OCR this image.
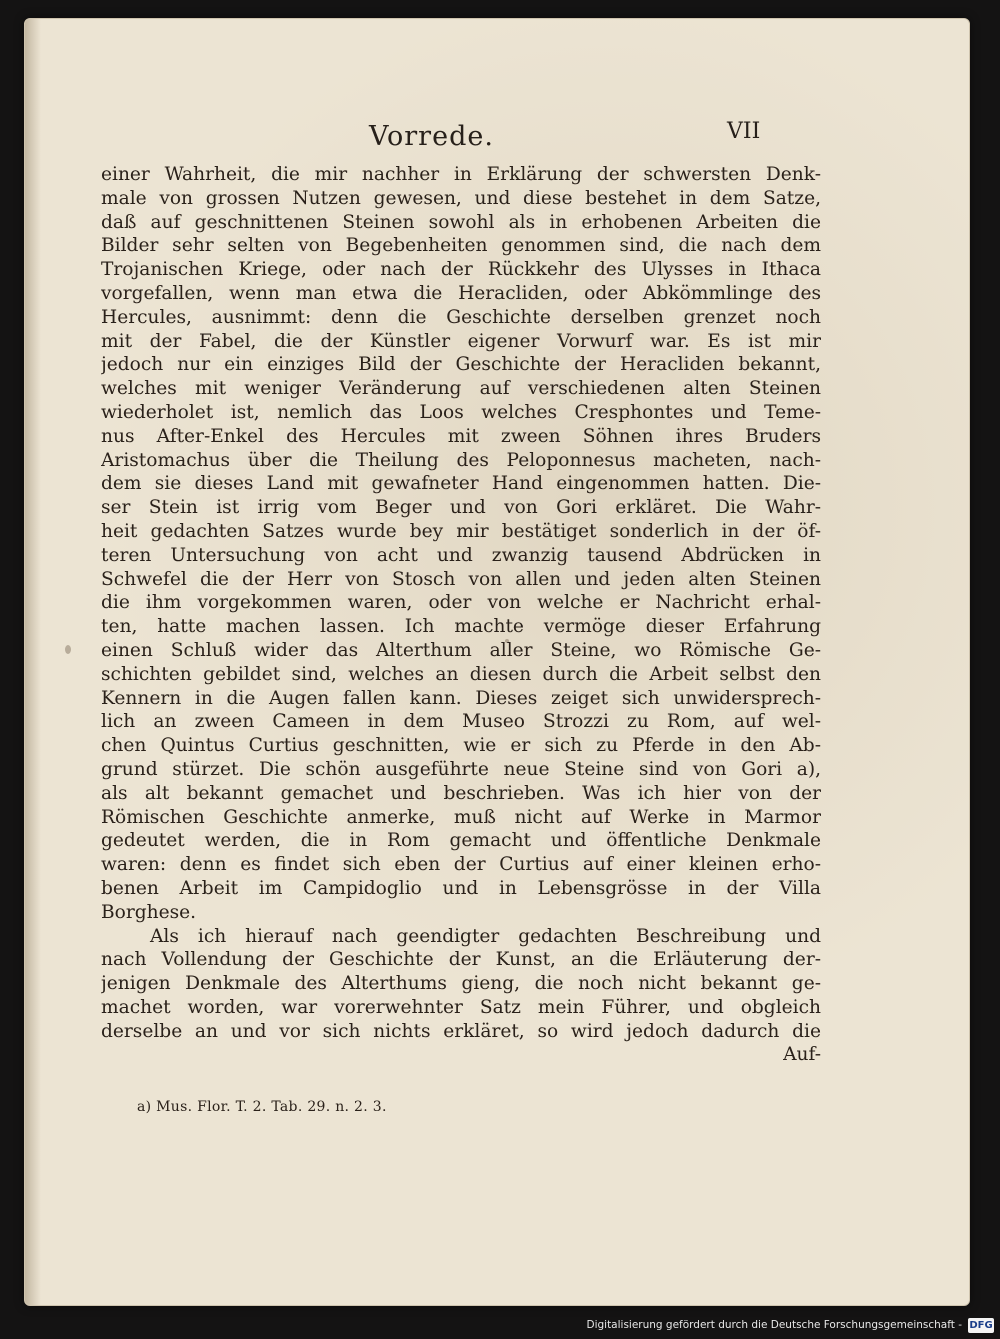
Vorrede.	VII

einer Wahrheit, die mir nachher in Erklärung der schwersten Denk-

male von grossen Nutzen gewesen, und diese bestehet in dem Satze,

daß auf geschnittenen Steinen sowohl als in erhobenen Arbeiten die

Bilder sehr selten von Begebenheiten genommen sind, die nach dem

Trojanischen Kriege, oder nach der Rückkehr des Ulysses in Ithaca

vorgefallen, wenn man etwa die Heracliden, oder Abkömmlinge des

Hercules, ausnimmt: denn die Geschichte derselben grenzet noch

mit der Fabel, die der Künstler eigener Vorwurf war. Es ist mir

jedoch nur ein einziges Bild der Geschichte der Heracliden bekannt,

welches mit weniger Veränderung auf verschiedenen alten Steinen

wiederholet ist, nemlich das Loos welches Cresphontes und Teme-

nus After-Enkel des Hercules mit zween Söhnen ihres Bruders

Aristomachus über die Theilung des Peloponnesus macheten, nach-

dem sie dieses Land mit gewafneter Hand eingenommen hatten. Die-

ser Stein ist irrig vom Beger und von Gori erkläret. Die Wahr-

heit gedachten Satzes wurde bey mir bestätiget sonderlich in der öf-

teren Untersuchung von acht und zwanzig tausend Abdrücken in

Schwefel die der Herr von Stosch von allen und jeden alten Steinen

die ihm vorgekommen waren, oder von welche er Nachricht erhal-

ten, hatte machen lassen. Ich machte vermöge dieser Erfahrung

einen Schluß wider das Alterthum aller Steine, wo Römische Ge-

schichten gebildet sind, welches an diesen durch die Arbeit selbst den

Kennern in die Augen fallen kann. Dieses zeiget sich unwidersprech-

lich an zween Cameen in dem Museo Strozzi zu Rom, auf wel-

chen Quintus Curtius geschnitten, wie er sich zu Pferde in den Ab-

grund stürzet. Die schön ausgeführte neue Steine sind von Gori a),

als alt bekannt gemachet und beschrieben. Was ich hier von der

Römischen Geschichte anmerke, muß nicht auf Werke in Marmor

gedeutet werden, die in Rom gemacht und öffentliche Denkmale

waren: denn es findet sich eben der Curtius auf einer kleinen erho-

benen Arbeit im Campidoglio und in Lebensgrösse in der Villa

Borghese.

Als ich hierauf nach geendigter gedachten Beschreibung und

nach Vollendung der Geschichte der Kunst, an die Erläuterung der-

jenigen Denkmale des Alterthums gieng, die noch nicht bekannt ge-

machet worden, war vorerwehnter Satz mein Führer, und obgleich

derselbe an und vor sich nichts erkläret, so wird jedoch dadurch die

Auf-

a) Mus. Flor. T. 2. Tab. 29. n. 2. 3.
Digitalisierung gefördert durch die Deutsche Forschungsgemeinschaft - DFG
